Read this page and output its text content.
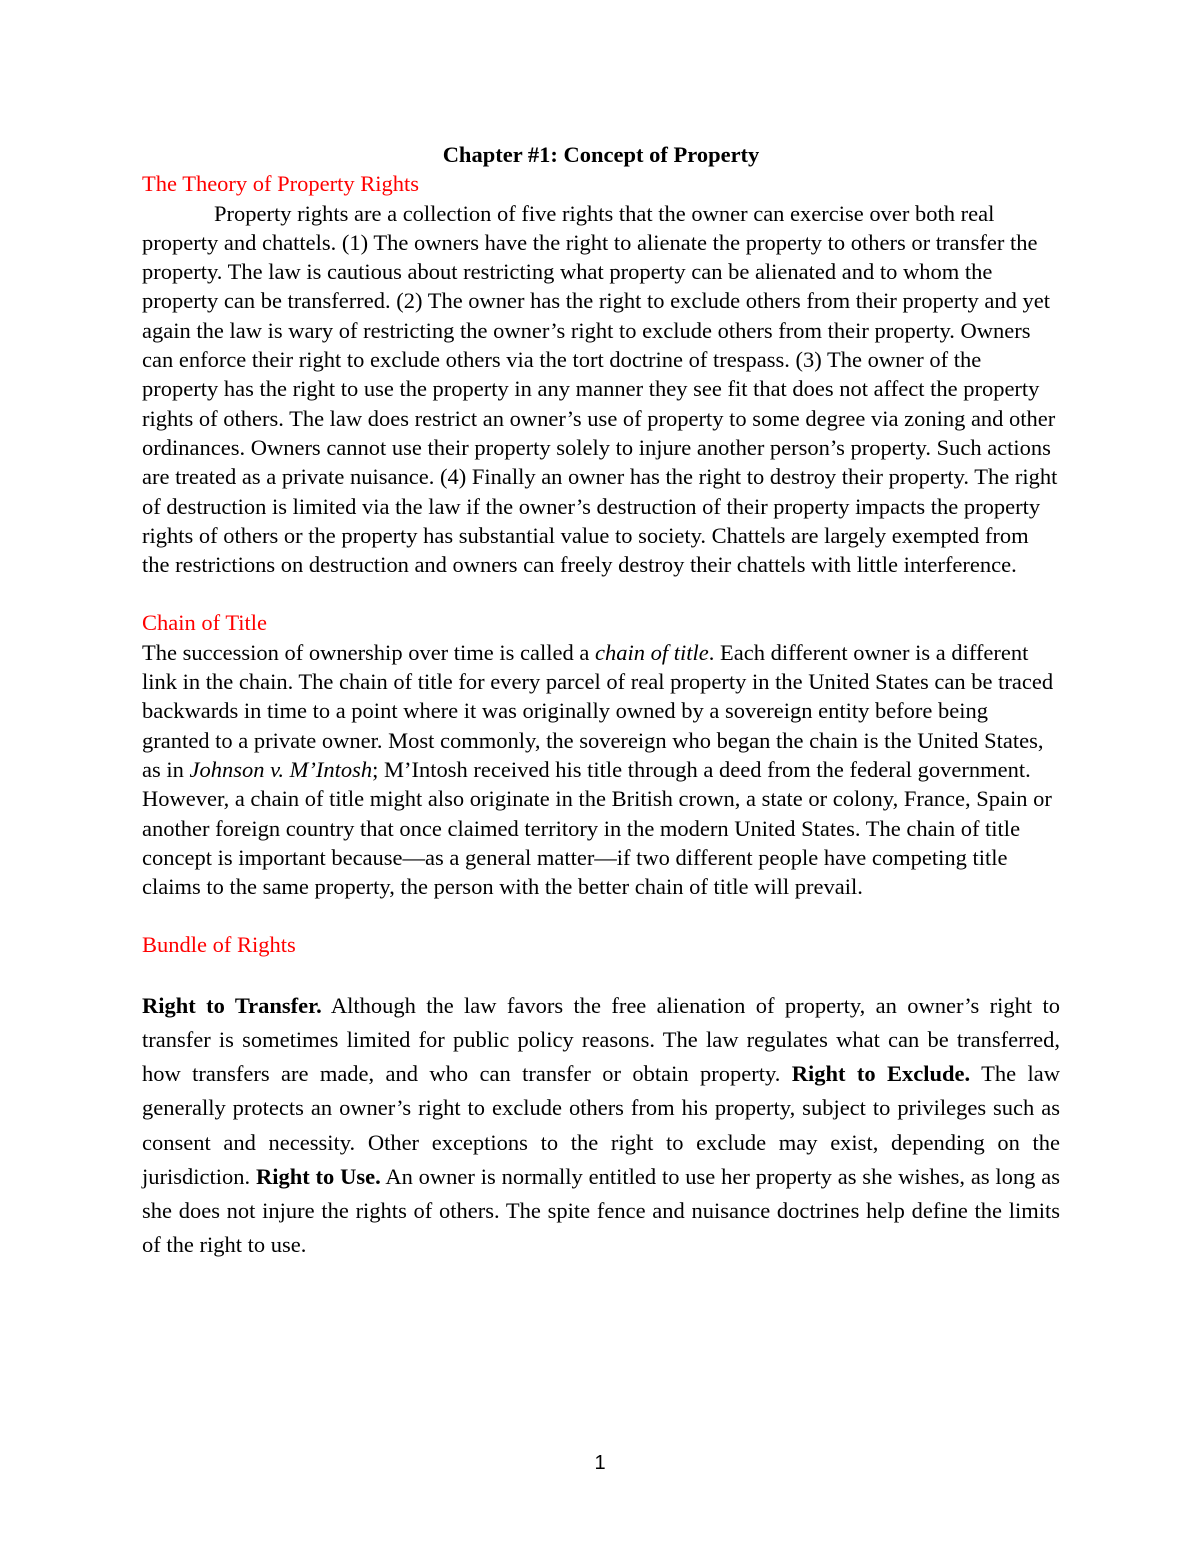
Chapter #1: Concept of Property

The Theory of Property Rights

Property rights are a collection of five rights that the owner can exercise over both real property and chattels. (1) The owners have the right to alienate the property to others or transfer the property. The law is cautious about restricting what property can be alienated and to whom the property can be transferred. (2) The owner has the right to exclude others from their property and yet again the law is wary of restricting the owner’s right to exclude others from their property. Owners can enforce their right to exclude others via the tort doctrine of trespass. (3) The owner of the property has the right to use the property in any manner they see fit that does not affect the property rights of others. The law does restrict an owner’s use of property to some degree via zoning and other ordinances. Owners cannot use their property solely to injure another person’s property. Such actions are treated as a private nuisance. (4) Finally an owner has the right to destroy their property. The right of destruction is limited via the law if the owner’s destruction of their property impacts the property rights of others or the property has substantial value to society. Chattels are largely exempted from the restrictions on destruction and owners can freely destroy their chattels with little interference.

Chain of Title

The succession of ownership over time is called a chain of title. Each different owner is a different link in the chain. The chain of title for every parcel of real property in the United States can be traced backwards in time to a point where it was originally owned by a sovereign entity before being granted to a private owner. Most commonly, the sovereign who began the chain is the United States, as in Johnson v. M’Intosh; M’Intosh received his title through a deed from the federal government. However, a chain of title might also originate in the British crown, a state or colony, France, Spain or another foreign country that once claimed territory in the modern United States. The chain of title concept is important because—as a general matter—if two different people have competing title claims to the same property, the person with the better chain of title will prevail.

Bundle of Rights

Right to Transfer. Although the law favors the free alienation of property, an owner’s right to transfer is sometimes limited for public policy reasons. The law regulates what can be transferred, how transfers are made, and who can transfer or obtain property. Right to Exclude. The law generally protects an owner’s right to exclude others from his property, subject to privileges such as consent and necessity. Other exceptions to the right to exclude may exist, depending on the jurisdiction. Right to Use. An owner is normally entitled to use her property as she wishes, as long as she does not injure the rights of others. The spite fence and nuisance doctrines help define the limits of the right to use.

1
